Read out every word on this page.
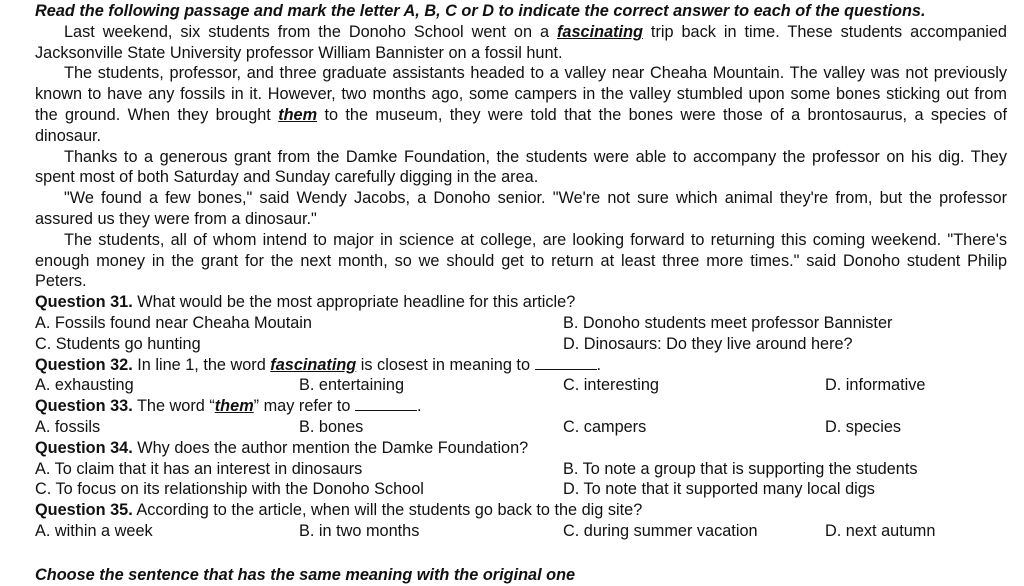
Read the following passage and mark the letter A, B, C or D to indicate the correct answer to each of the questions.
Last weekend, six students from the Donoho School went on a fascinating trip back in time. These students accompanied Jacksonville State University professor William Bannister on a fossil hunt.
The students, professor, and three graduate assistants headed to a valley near Cheaha Mountain. The valley was not previously known to have any fossils in it. However, two months ago, some campers in the valley stumbled upon some bones sticking out from the ground. When they brought them to the museum, they were told that the bones were those of a brontosaurus, a species of dinosaur.
Thanks to a generous grant from the Damke Foundation, the students were able to accompany the professor on his dig. They spent most of both Saturday and Sunday carefully digging in the area.
"We found a few bones," said Wendy Jacobs, a Donoho senior. "We're not sure which animal they're from, but the professor assured us they were from a dinosaur."
The students, all of whom intend to major in science at college, are looking forward to returning this coming weekend. "There's enough money in the grant for the next month, so we should get to return at least three more times." said Donoho student Philip Peters.
Question 31. What would be the most appropriate headline for this article?
A. Fossils found near Cheaha Moutain	B. Donoho students meet professor Bannister
C. Students go hunting	D. Dinosaurs: Do they live around here?
Question 32. In line 1, the word fascinating is closest in meaning to	.
A. exhausting	B. entertaining	C. interesting	D. informative
Question 33. The word “them” may refer to	.
A. fossils	B. bones	C. campers	D. species
Question 34. Why does the author mention the Damke Foundation?
A. To claim that it has an interest in dinosaurs	B. To note a group that is supporting the students
C. To focus on its relationship with the Donoho School	D. To note that it supported many local digs
Question 35. According to the article, when will the students go back to the dig site?
A. within a week	B. in two months	C. during summer vacation	D. next autumn
Choose the sentence that has the same meaning with the original one
